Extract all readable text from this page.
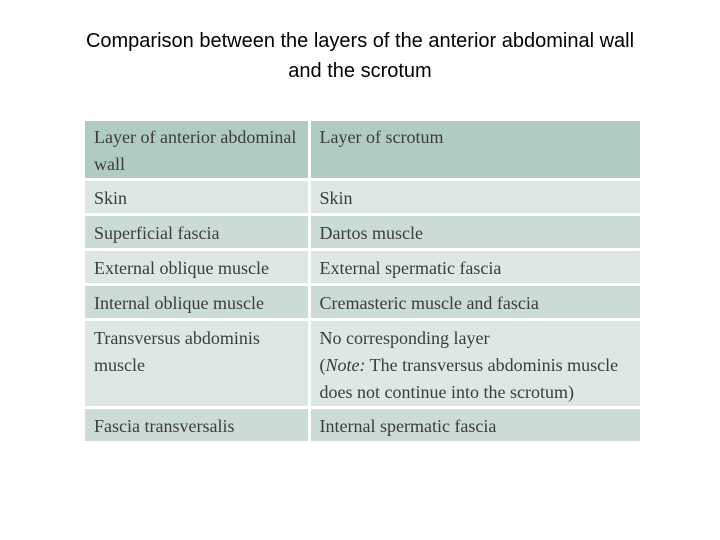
Comparison between the layers of the anterior abdominal wall
and the scrotum
Layer of anterior abdominal wall	Layer of scrotum
Skin	Skin
Superficial fascia	Dartos muscle
External oblique muscle	External spermatic fascia
Internal oblique muscle	Cremasteric muscle and fascia
Transversus abdominis muscle	No corresponding layer
(Note: The transversus abdominis muscle does not continue into the scrotum)
Fascia transversalis	Internal spermatic fascia
